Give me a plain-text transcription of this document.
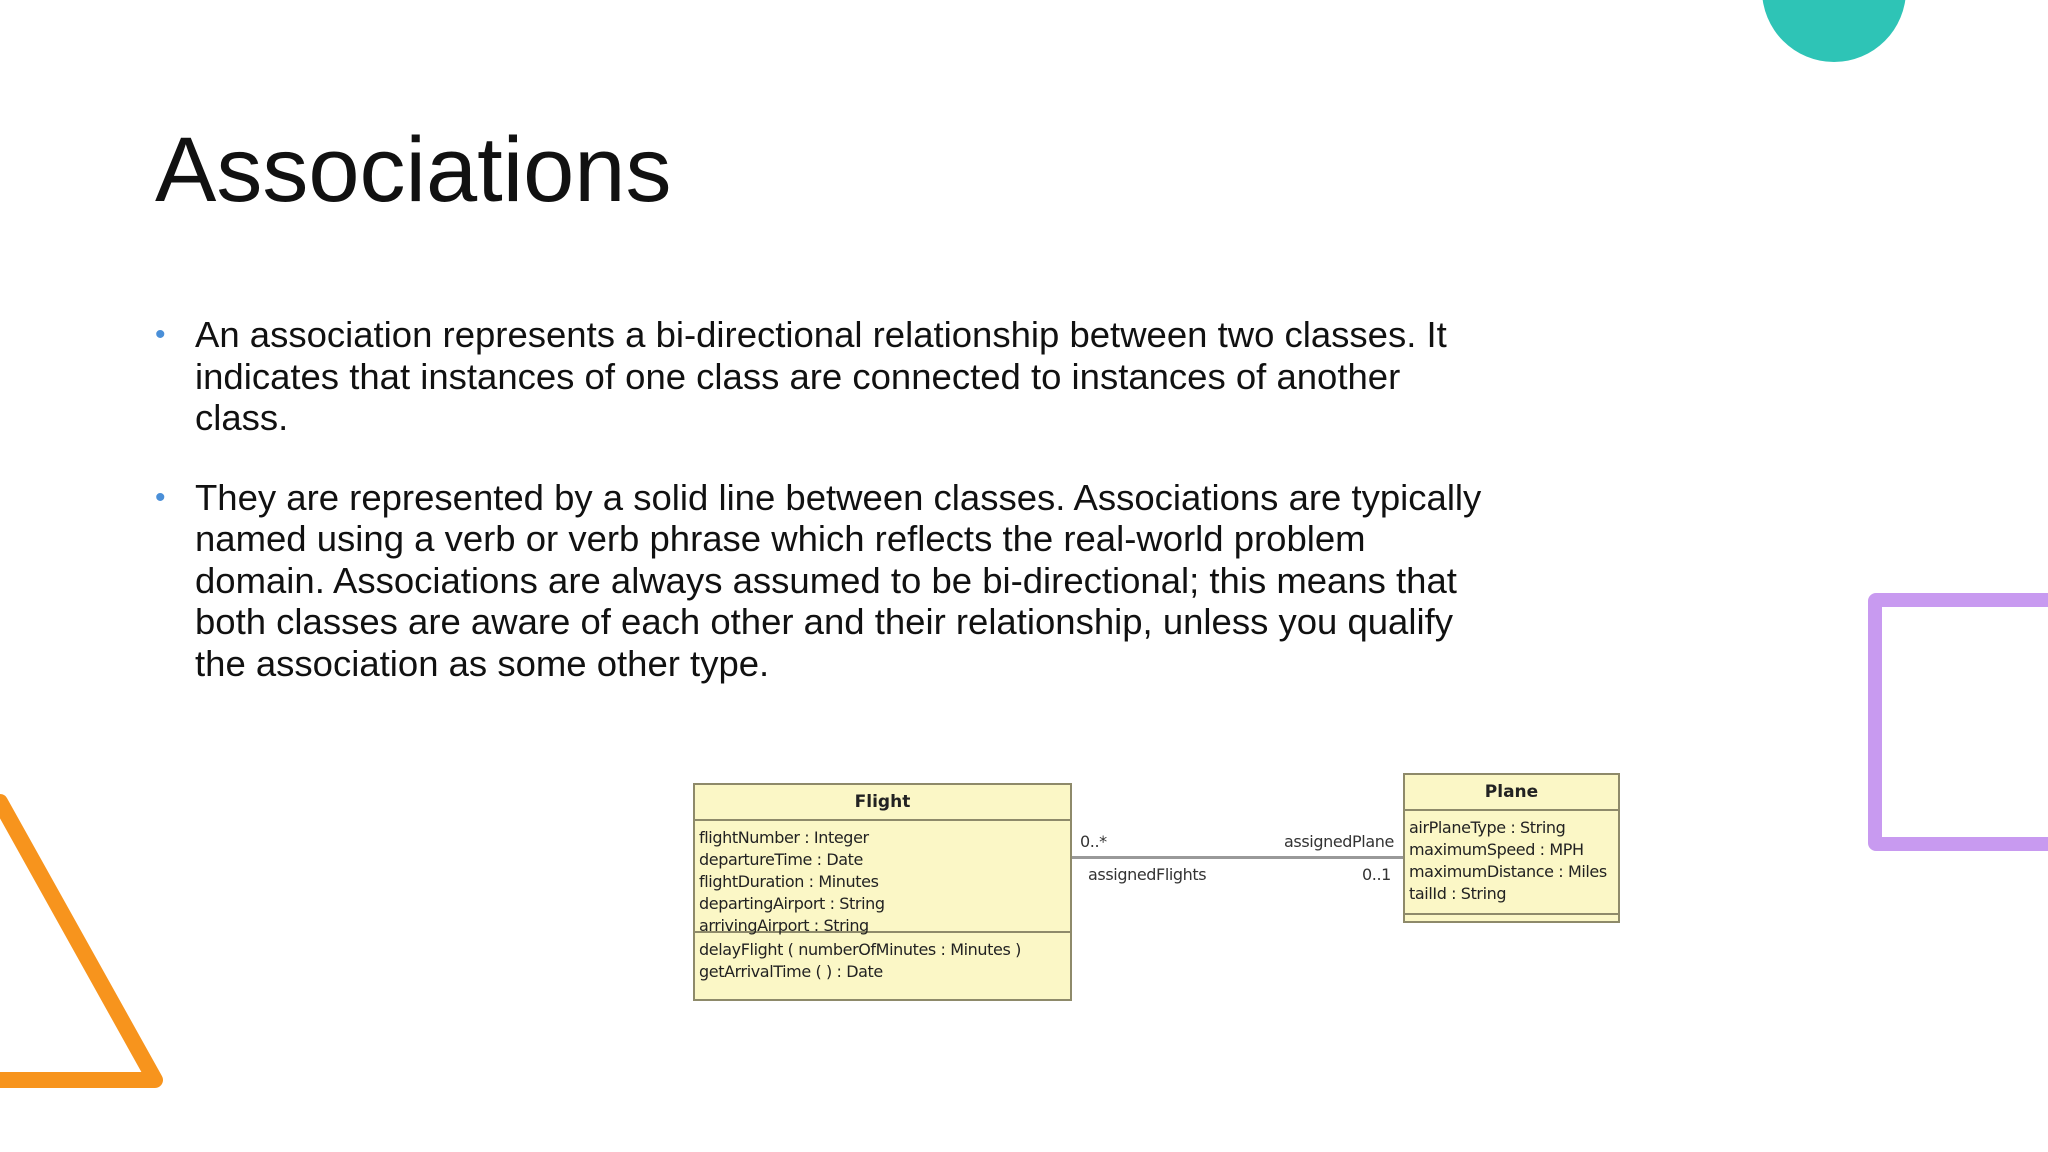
Associations
• An association represents a bi-directional relationship between two classes. It indicates that instances of one class are connected to instances of another class.
• They are represented by a solid line between classes. Associations are typically named using a verb or verb phrase which reflects the real-world problem domain. Associations are always assumed to be bi-directional; this means that both classes are aware of each other and their relationship, unless you qualify the association as some other type.
Flight
flightNumber : Integer
departureTime : Date
flightDuration : Minutes
departingAirport : String
arrivingAirport : String
delayFlight ( numberOfMinutes : Minutes )
getArrivalTime ( ) : Date
0..*
assignedFlights
assignedPlane
0..1
Plane
airPlaneType : String
maximumSpeed : MPH
maximumDistance : Miles
tailId : String
